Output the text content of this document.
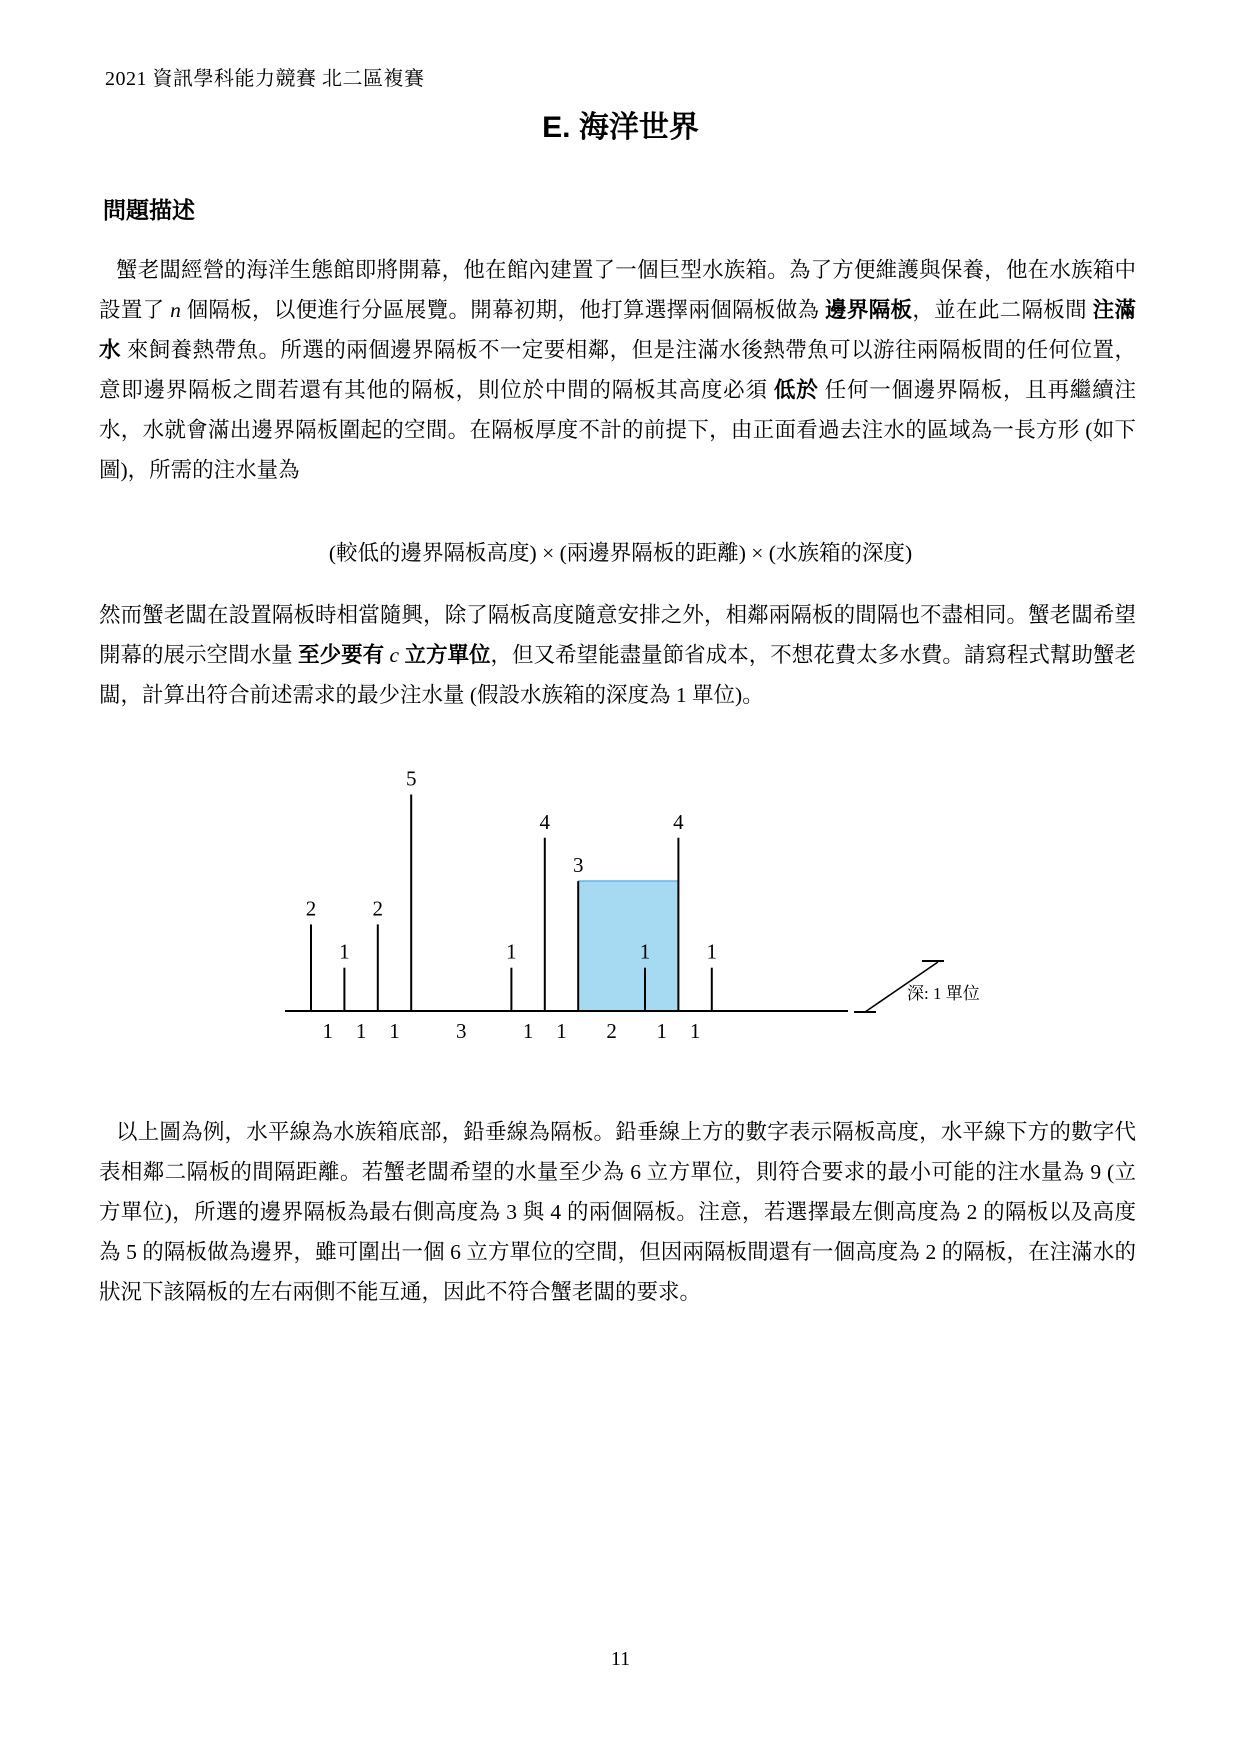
2021 資訊學科能力競賽 北二區複賽
E. 海洋世界
問題描述

蟹老闆經營的海洋生態館即將開幕，他在館內建置了一個巨型水族箱。為了方便維護與保養，他在水族箱中設置了 n 個隔板，以便進行分區展覽。開幕初期，他打算選擇兩個隔板做為 邊界隔板，並在此二隔板間 注滿水 來飼養熱帶魚。所選的兩個邊界隔板不一定要相鄰，但是注滿水後熱帶魚可以游往兩隔板間的任何位置，意即邊界隔板之間若還有其他的隔板，則位於中間的隔板其高度必須 低於 任何一個邊界隔板，且再繼續注水，水就會滿出邊界隔板圍起的空間。在隔板厚度不計的前提下，由正面看過去注水的區域為一長方形 (如下圖)，所需的注水量為

(較低的邊界隔板高度) × (兩邊界隔板的距離) × (水族箱的深度)

然而蟹老闆在設置隔板時相當隨興，除了隔板高度隨意安排之外，相鄰兩隔板的間隔也不盡相同。蟹老闆希望開幕的展示空間水量 至少要有 c 立方單位，但又希望能盡量節省成本，不想花費太多水費。請寫程式幫助蟹老闆，計算出符合前述需求的最少注水量 (假設水族箱的深度為 1 單位)。

2
1
2
5
1
4
3
1
4
1
1 1 1	3	1 1 2 1 1
深: 1 單位

以上圖為例，水平線為水族箱底部，鉛垂線為隔板。鉛垂線上方的數字表示隔板高度，水平線下方的數字代表相鄰二隔板的間隔距離。若蟹老闆希望的水量至少為 6 立方單位，則符合要求的最小可能的注水量為 9 (立方單位)，所選的邊界隔板為最右側高度為 3 與 4 的兩個隔板。注意，若選擇最左側高度為 2 的隔板以及高度為 5 的隔板做為邊界，雖可圍出一個 6 立方單位的空間，但因兩隔板間還有一個高度為 2 的隔板，在注滿水的狀況下該隔板的左右兩側不能互通，因此不符合蟹老闆的要求。

11
